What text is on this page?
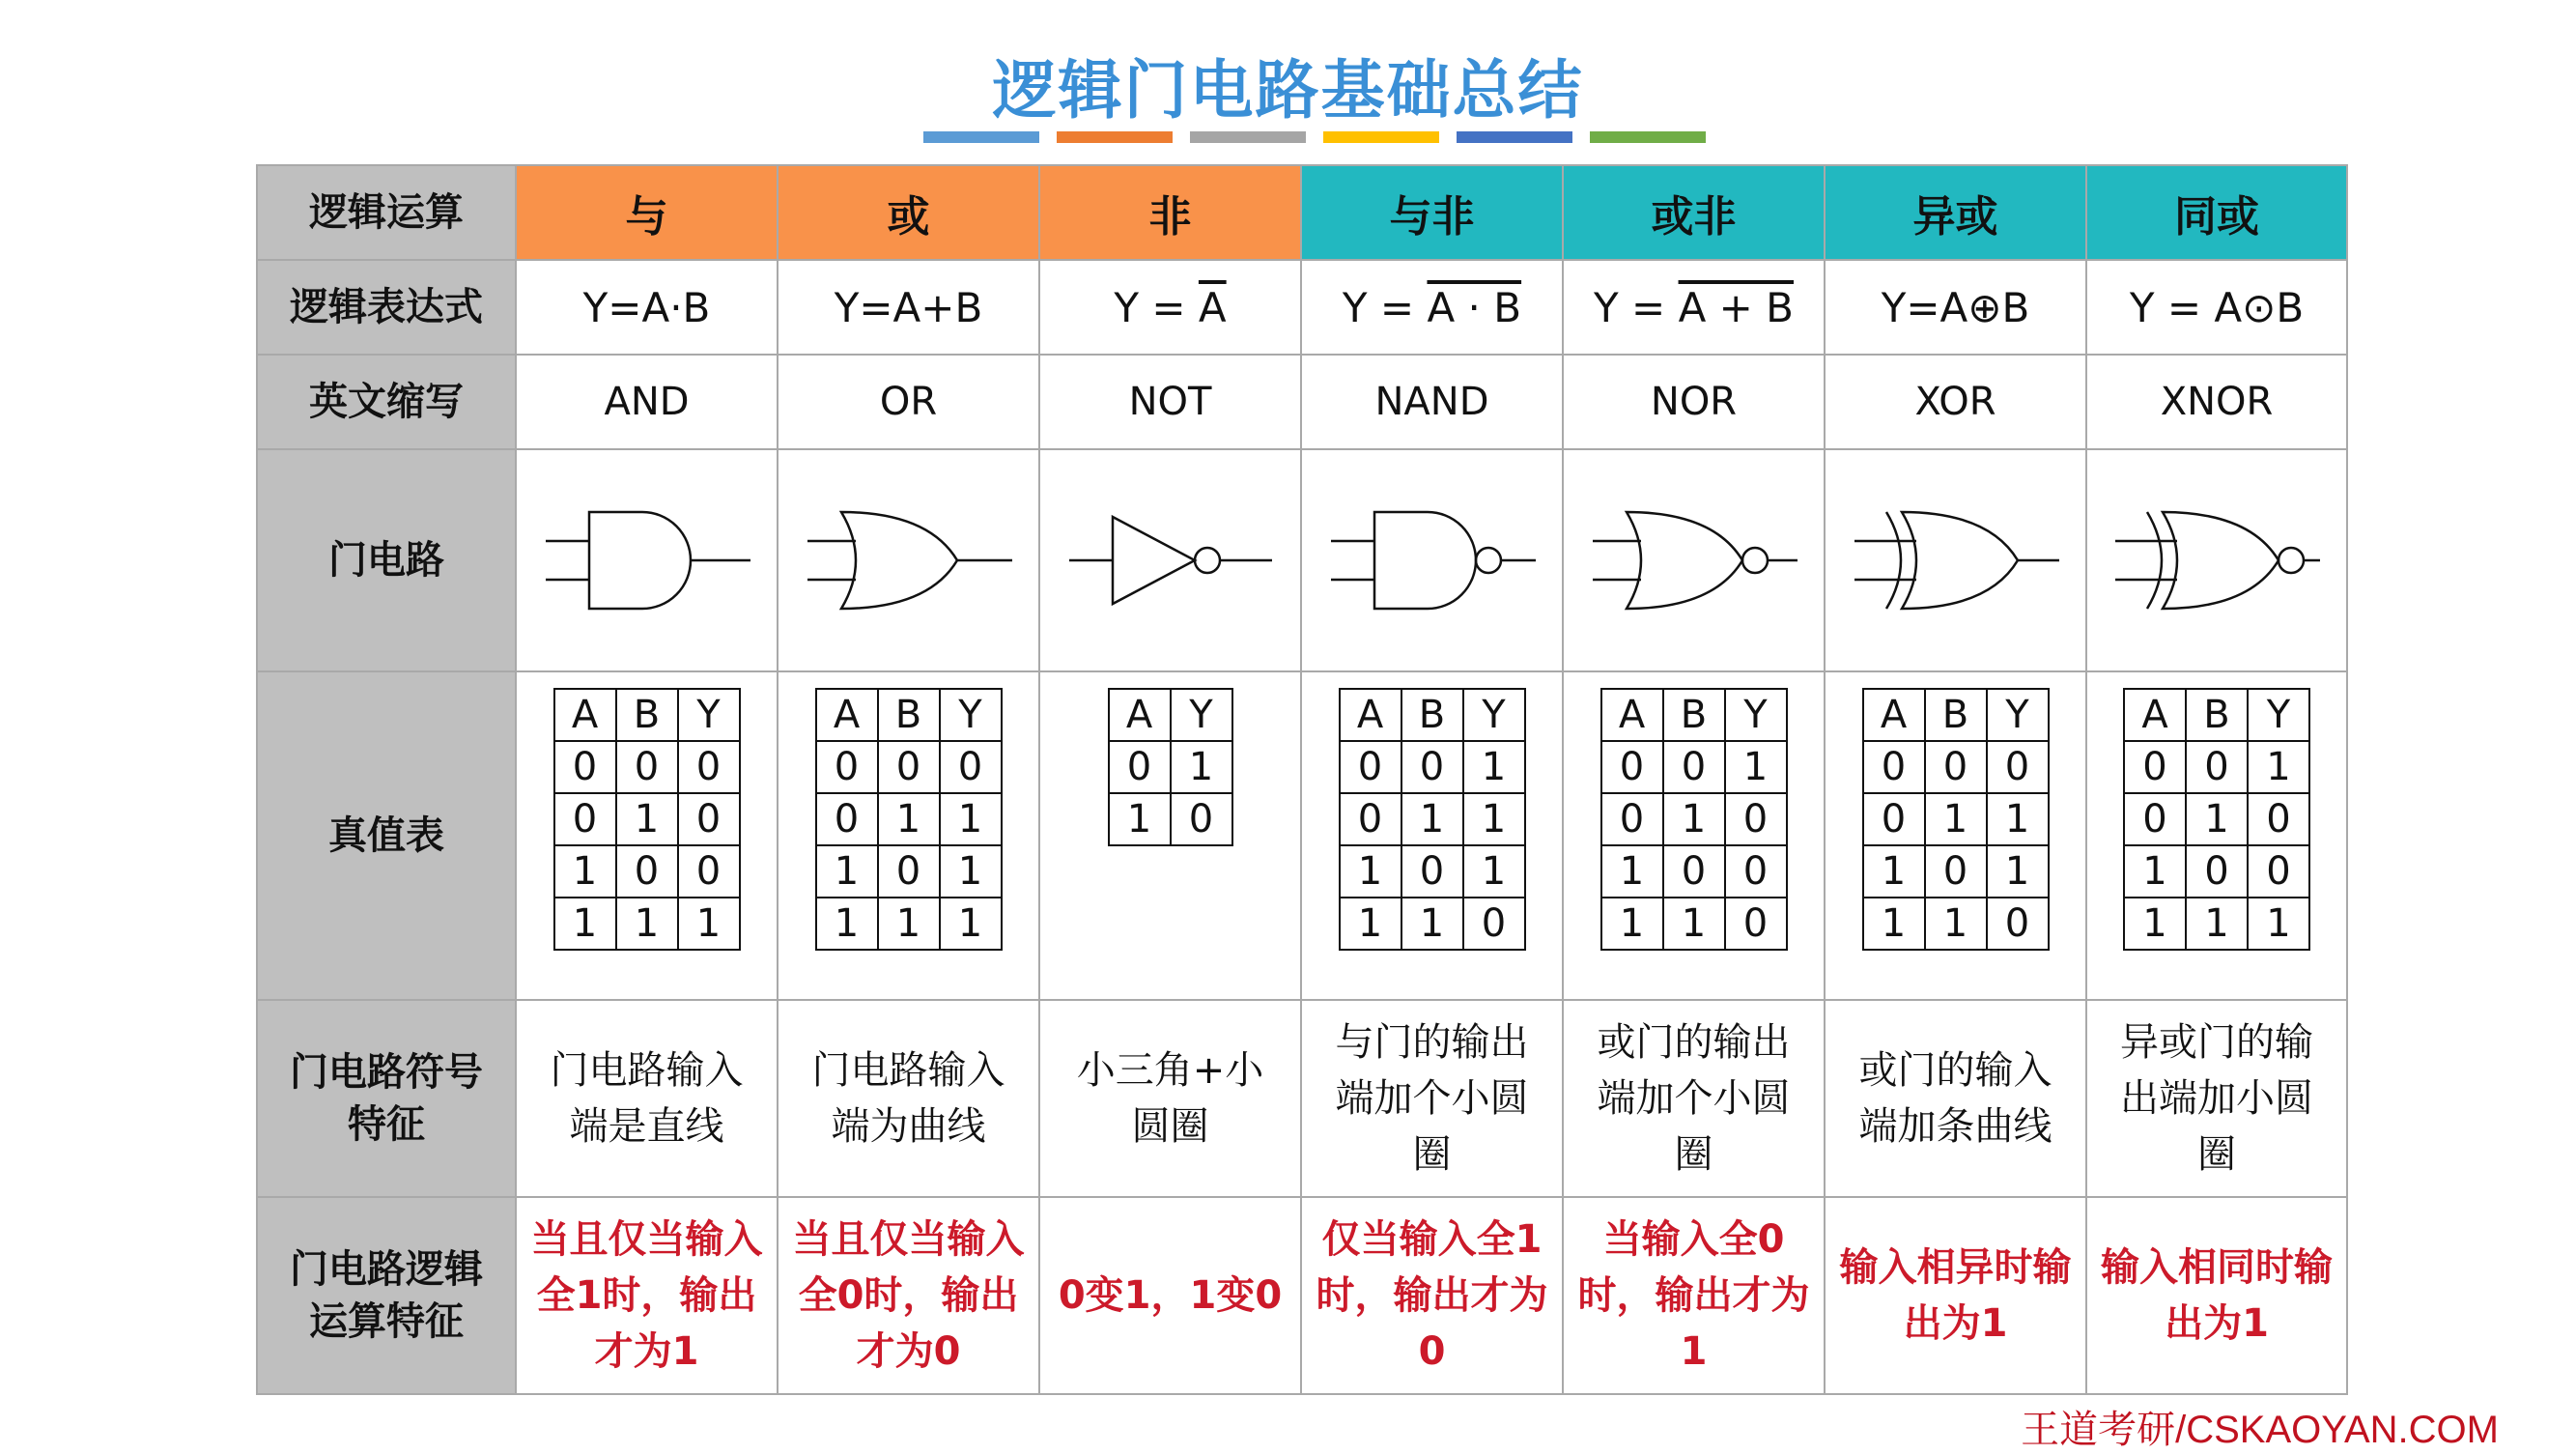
逻辑门电路基础总结
逻辑运算	与	或	非	与非	或非	异或	同或
逻辑表达式	Y=A·B	Y=A+B	$Y = \overline{A}$	Y = A · B	Y = A + B	Y=A⊕B	Y = A⊙B
英文缩写	AND	OR	NOT	NAND	NOR	XOR	XNOR
门电路	

真值表	
A	B	Y
0	0	0
0	1	0
1	0	0
1	1	1

A	B	Y
0	0	0
0	1	1
1	0	1
1	1	1

A	Y
0	1
1	0

A	B	Y
0	0	1
0	1	1
1	0	1
1	1	0

A	B	Y
0	0	1
0	1	0
1	0	0
1	1	0

A	B	Y
0	0	0
0	1	1
1	0	1
1	1	0

A	B	Y
0	0	1
0	1	0
1	0	0
1	1	1

门电路符号特征	门电路输入端是直线	门电路输入端为曲线	小三角+小圆圈	与门的输出端加个小圆圈	或门的输出端加个小圆圈	或门的输入端加条曲线	异或门的输出端加小圆圈
门电路逻辑运算特征	当且仅当输入全1时，输出才为1	当且仅当输入全0时，输出才为0	0变1，1变0	仅当输入全1时，输出才为0	当输入全0时，输出才为1	输入相异时输出为1	输入相同时输出为1
王道考研/CSKAOYAN.COM
